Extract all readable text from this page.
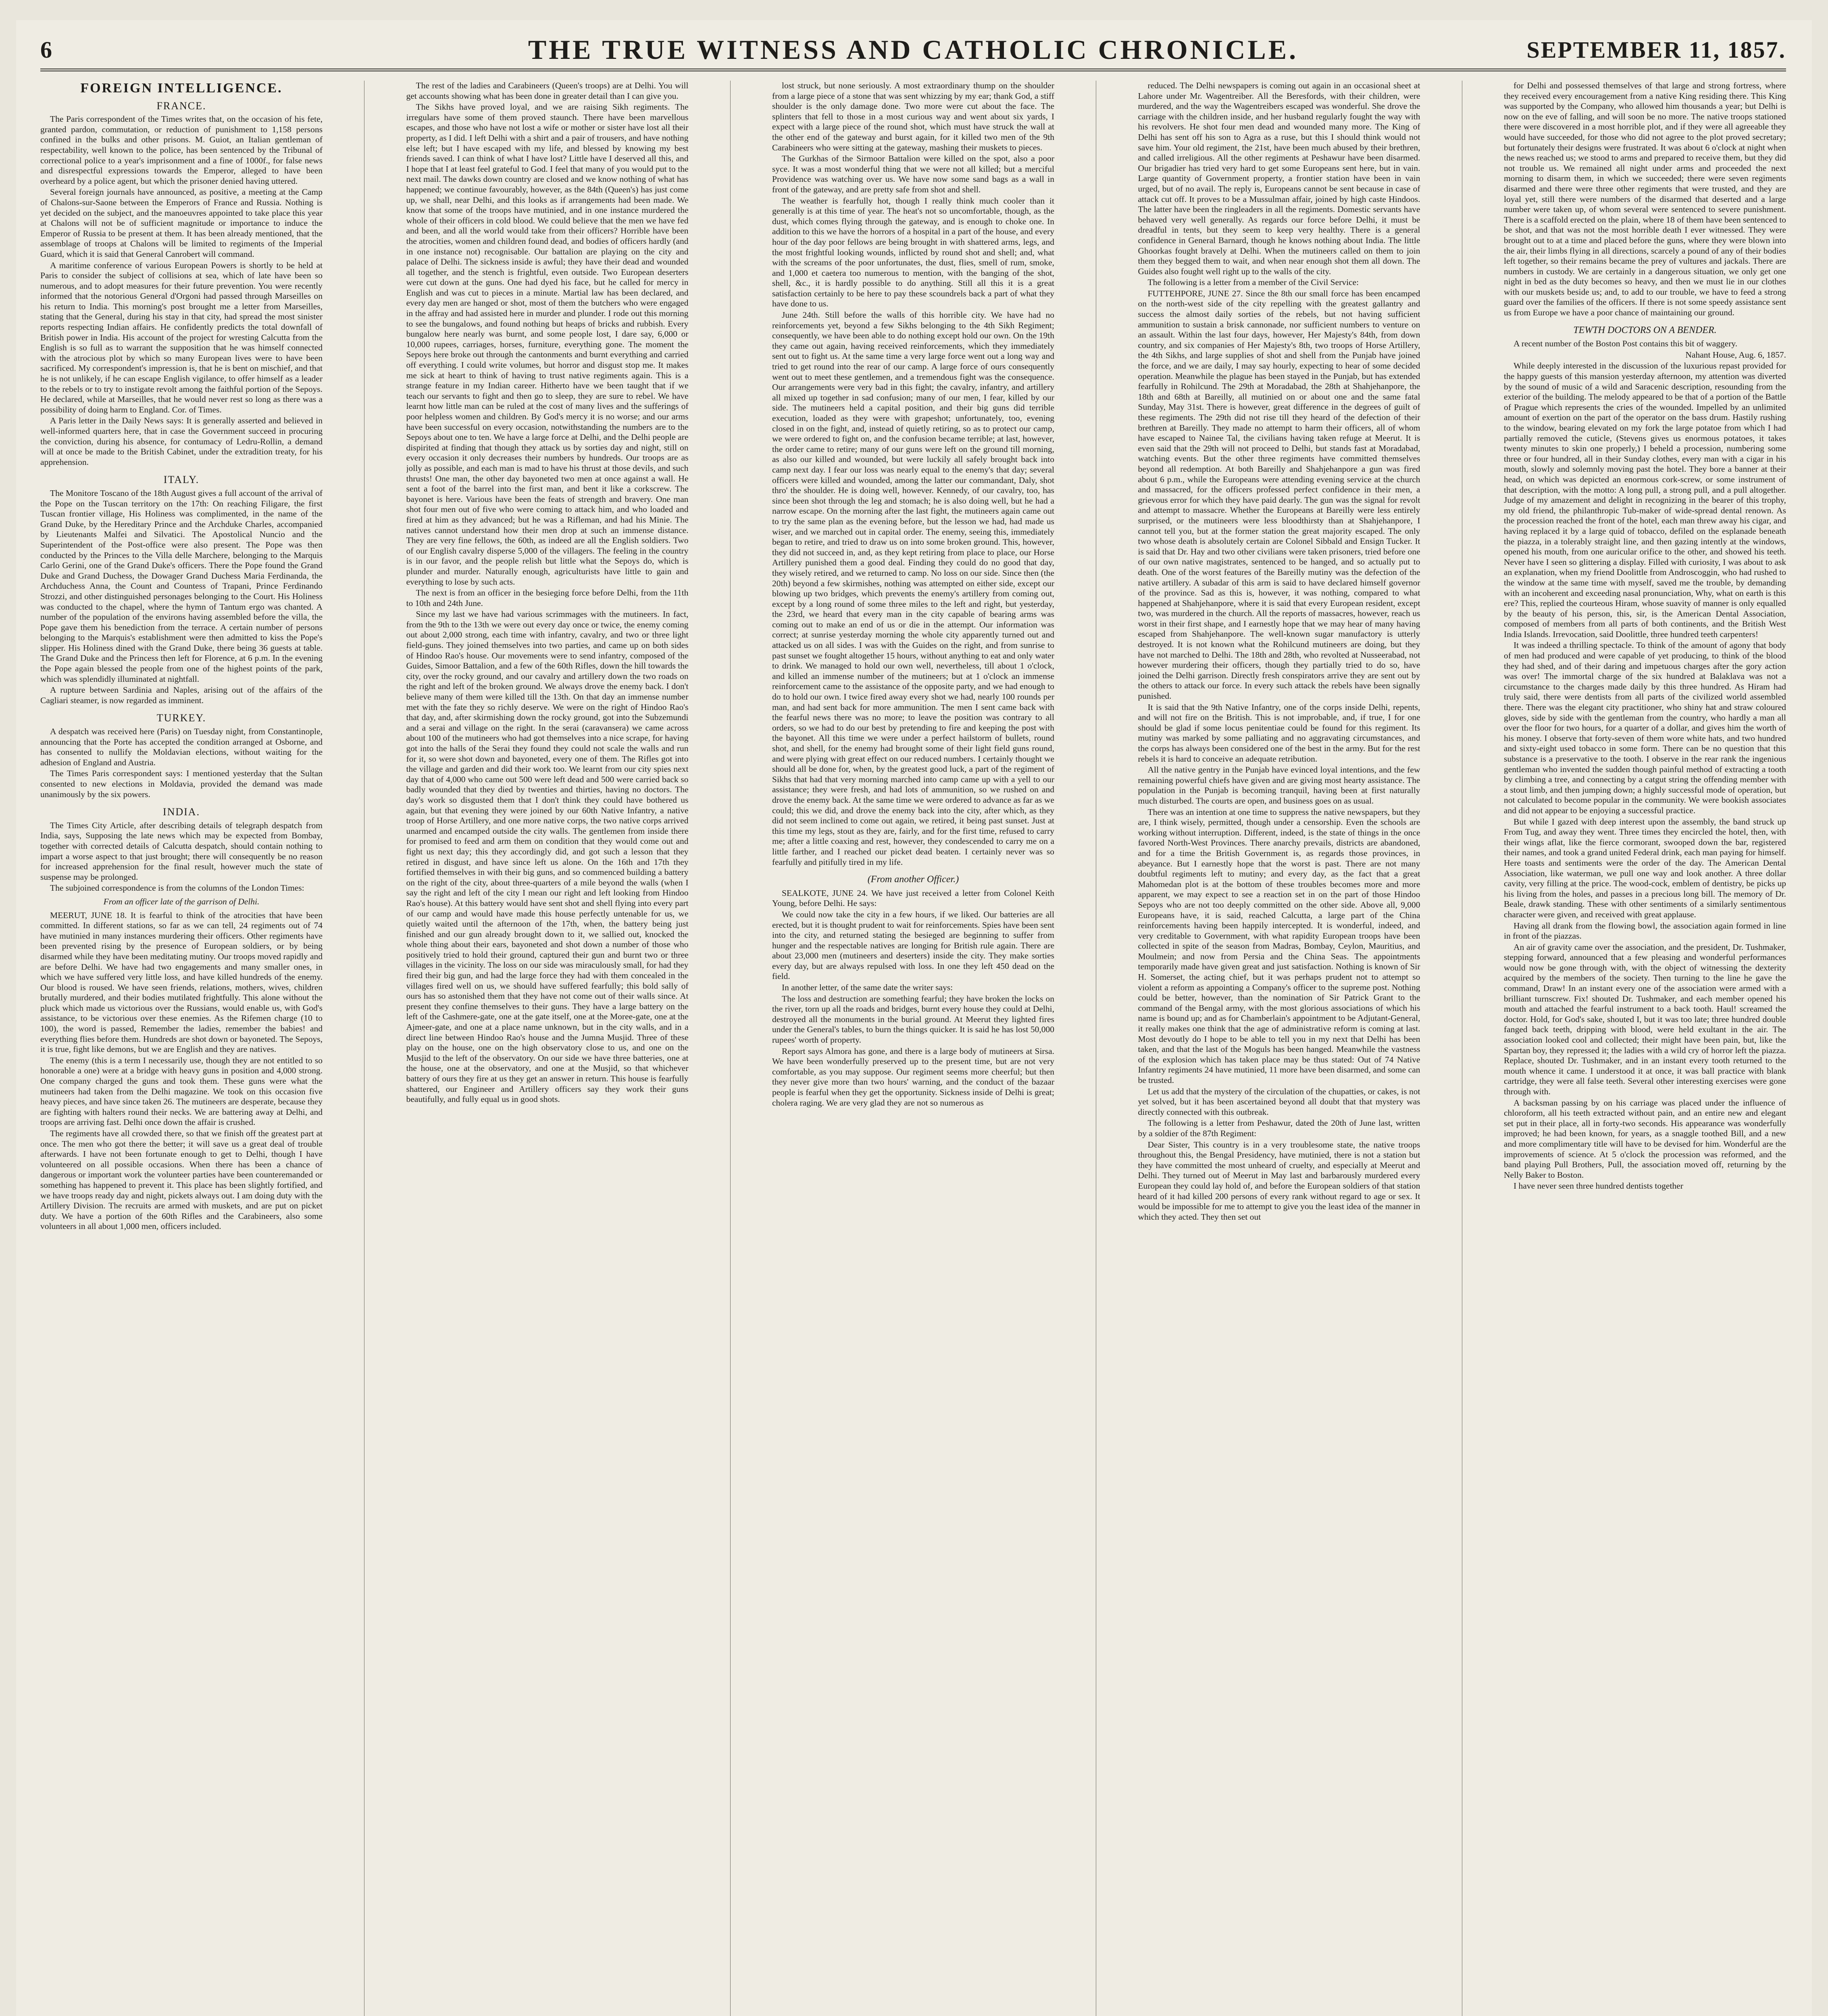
6	THE TRUE WITNESS AND CATHOLIC CHRONICLE.	SEPTEMBER 11, 1857.
FOREIGN INTELLIGENCE.
FRANCE.

The Paris correspondent of the Times writes that, on the occasion of his fete, granted pardon, commutation, or reduction of punishment to 1,158 persons confined in the bulks and other prisons. M. Guiot, an Italian gentleman of respectability, well known to the police, has been sentenced by the Tribunal of correctional police to a year's imprisonment and a fine of 1000f., for false news and disrespectful expressions towards the Emperor, alleged to have been overheard by a police agent, but which the prisoner denied having uttered.

Several foreign journals have announced, as positive, a meeting at the Camp of Chalons-sur-Saone between the Emperors of France and Russia. Nothing is yet decided on the subject, and the manoeuvres appointed to take place this year at Chalons will not be of sufficient magnitude or importance to induce the Emperor of Russia to be present at them. It has been already mentioned, that the assemblage of troops at Chalons will be limited to regiments of the Imperial Guard, which it is said that General Canrobert will command.

A maritime conference of various European Powers is shortly to be held at Paris to consider the subject of collisions at sea, which of late have been so numerous, and to adopt measures for their future prevention. You were recently informed that the notorious General d'Orgoni had passed through Marseilles on his return to India. This morning's post brought me a letter from Marseilles, stating that the General, during his stay in that city, had spread the most sinister reports respecting Indian affairs. He confidently predicts the total downfall of British power in India. His account of the project for wresting Calcutta from the English is so full as to warrant the supposition that he was himself connected with the atrocious plot by which so many European lives were to have been sacrificed. My correspondent's impression is, that he is bent on mischief, and that he is not unlikely, if he can escape English vigilance, to offer himself as a leader to the rebels or to try to instigate revolt among the faithful portion of the Sepoys. He declared, while at Marseilles, that he would never rest so long as there was a possibility of doing harm to England. Cor. of Times.

A Paris letter in the Daily News says: It is generally asserted and believed in well-informed quarters here, that in case the Government succeed in procuring the conviction, during his absence, for contumacy of Ledru-Rollin, a demand will at once be made to the British Cabinet, under the extradition treaty, for his apprehension.

ITALY.

The Monitore Toscano of the 18th August gives a full account of the arrival of the Pope on the Tuscan territory on the 17th: On reaching Filigare, the first Tuscan frontier village, His Holiness was complimented, in the name of the Grand Duke, by the Hereditary Prince and the Archduke Charles, accompanied by Lieutenants Malfei and Silvatici. The Apostolical Nuncio and the Superintendent of the Post-office were also present. The Pope was then conducted by the Princes to the Villa delle Marchere, belonging to the Marquis Carlo Gerini, one of the Grand Duke's officers. There the Pope found the Grand Duke and Grand Duchess, the Dowager Grand Duchess Maria Ferdinanda, the Archduchess Anna, the Count and Countess of Trapani, Prince Ferdinando Strozzi, and other distinguished personages belonging to the Court. His Holiness was conducted to the chapel, where the hymn of Tantum ergo was chanted. A number of the population of the environs having assembled before the villa, the Pope gave them his benediction from the terrace. A certain number of persons belonging to the Marquis's establishment were then admitted to kiss the Pope's slipper. His Holiness dined with the Grand Duke, there being 36 guests at table. The Grand Duke and the Princess then left for Florence, at 6 p.m. In the evening the Pope again blessed the people from one of the highest points of the park, which was splendidly illuminated at nightfall.

A rupture between Sardinia and Naples, arising out of the affairs of the Cagliari steamer, is now regarded as imminent.

TURKEY.

A despatch was received here (Paris) on Tuesday night, from Constantinople, announcing that the Porte has accepted the condition arranged at Osborne, and has consented to nullify the Moldavian elections, without waiting for the adhesion of England and Austria.

The Times Paris correspondent says: I mentioned yesterday that the Sultan consented to new elections in Moldavia, provided the demand was made unanimously by the six powers.

INDIA.

The Times City Article, after describing details of telegraph despatch from India, says, Supposing the late news which may be expected from Bombay, together with corrected details of Calcutta despatch, should contain nothing to impart a worse aspect to that just brought; there will consequently be no reason for increased apprehension for the final result, however much the state of suspense may be prolonged.

The subjoined correspondence is from the columns of the London Times:

From an officer late of the garrison of Delhi.

MEERUT, JUNE 18. It is fearful to think of the atrocities that have been committed. In different stations, so far as we can tell, 24 regiments out of 74 have mutinied in many instances murdering their officers. Other regiments have been prevented rising by the presence of European soldiers, or by being disarmed while they have been meditating mutiny. Our troops moved rapidly and are before Delhi. We have had two engagements and many smaller ones, in which we have suffered very little loss, and have killed hundreds of the enemy. Our blood is roused. We have seen friends, relations, mothers, wives, children brutally murdered, and their bodies mutilated frightfully. This alone without the pluck which made us victorious over the Russians, would enable us, with God's assistance, to be victorious over these enemies. As the Rifemen charge (10 to 100), the word is passed, Remember the ladies, remember the babies! and everything flies before them. Hundreds are shot down or bayoneted. The Sepoys, it is true, fight like demons, but we are English and they are natives.

The enemy (this is a term I necessarily use, though they are not entitled to so honorable a one) were at a bridge with heavy guns in position and 4,000 strong. One company charged the guns and took them. These guns were what the mutineers had taken from the Delhi magazine. We took on this occasion five heavy pieces, and have since taken 26. The mutineers are desperate, because they are fighting with halters round their necks. We are battering away at Delhi, and troops are arriving fast. Delhi once down the affair is crushed.

The regiments have all crowded there, so that we finish off the greatest part at once. The men who got there the better; it will save us a great deal of trouble afterwards. I have not been fortunate enough to get to Delhi, though I have volunteered on all possible occasions. When there has been a chance of dangerous or important work the volunteer parties have been counteremanded or something has happened to prevent it. This place has been slightly fortified, and we have troops ready day and night, pickets always out. I am doing duty with the Artillery Division. The recruits are armed with muskets, and are put on picket duty. We have a portion of the 60th Rifles and the Carabineers, also some volunteers in all about 1,000 men, officers included.

The rest of the ladies and Carabineers (Queen's troops) are at Delhi. You will get accounts showing what has been done in greater detail than I can give you.

The Sikhs have proved loyal, and we are raising Sikh regiments. The irregulars have some of them proved staunch. There have been marvellous escapes, and those who have not lost a wife or mother or sister have lost all their property, as I did. I left Delhi with a shirt and a pair of trousers, and have nothing else left; but I have escaped with my life, and blessed by knowing my best friends saved. I can think of what I have lost? Little have I deserved all this, and I hope that I at least feel grateful to God. I feel that many of you would put to the next mail. The dawks down country are closed and we know nothing of what has happened; we continue favourably, however, as the 84th (Queen's) has just come up, we shall, near Delhi, and this looks as if arrangements had been made. We know that some of the troops have mutinied, and in one instance murdered the whole of their officers in cold blood. We could believe that the men we have fed and been, and all the world would take from their officers? Horrible have been the atrocities, women and children found dead, and bodies of officers hardly (and in one instance not) recognisable. Our battalion are playing on the city and palace of Delhi. The sickness inside is awful; they have their dead and wounded all together, and the stench is frightful, even outside. Two European deserters were cut down at the guns. One had dyed his face, but he called for mercy in English and was cut to pieces in a minute. Martial law has been declared, and every day men are hanged or shot, most of them the butchers who were engaged in the affray and had assisted here in murder and plunder. I rode out this morning to see the bungalows, and found nothing but heaps of bricks and rubbish. Every bungalow here nearly was burnt, and some people lost, I dare say, 6,000 or 10,000 rupees, carriages, horses, furniture, everything gone. The moment the Sepoys here broke out through the cantonments and burnt everything and carried off everything. I could write volumes, but horror and disgust stop me. It makes me sick at heart to think of having to trust native regiments again. This is a strange feature in my Indian career. Hitherto have we been taught that if we teach our servants to fight and then go to sleep, they are sure to rebel. We have learnt how little man can be ruled at the cost of many lives and the sufferings of poor helpless women and children. By God's mercy it is no worse; and our arms have been successful on every occasion, notwithstanding the numbers are to the Sepoys about one to ten. We have a large force at Delhi, and the Delhi people are dispirited at finding that though they attack us by sorties day and night, still on every occasion it only decreases their numbers by hundreds. Our troops are as jolly as possible, and each man is mad to have his thrust at those devils, and such thrusts! One man, the other day bayoneted two men at once against a wall. He sent a foot of the barrel into the first man, and bent it like a corkscrew. The bayonet is here. Various have been the feats of strength and bravery. One man shot four men out of five who were coming to attack him, and who loaded and fired at him as they advanced; but he was a Rifleman, and had his Minie. The natives cannot understand how their men drop at such an immense distance. They are very fine fellows, the 60th, as indeed are all the English soldiers. Two of our English cavalry disperse 5,000 of the villagers. The feeling in the country is in our favor, and the people relish but little what the Sepoys do, which is plunder and murder. Naturally enough, agriculturists have little to gain and everything to lose by such acts.

The next is from an officer in the besieging force before Delhi, from the 11th to 10th and 24th June.

Since my last we have had various scrimmages with the mutineers. In fact, from the 9th to the 13th we were out every day once or twice, the enemy coming out about 2,000 strong, each time with infantry, cavalry, and two or three light field-guns. They joined themselves into two parties, and came up on both sides of Hindoo Rao's house. Our movements were to send infantry, composed of the Guides, Simoor Battalion, and a few of the 60th Rifles, down the hill towards the city, over the rocky ground, and our cavalry and artillery down the two roads on the right and left of the broken ground. We always drove the enemy back. I don't believe many of them were killed till the 13th. On that day an immense number met with the fate they so richly deserve. We were on the right of Hindoo Rao's that day, and, after skirmishing down the rocky ground, got into the Subzemundi and a serai and village on the right. In the serai (caravansera) we came across about 100 of the mutineers who had got themselves into a nice scrape, for having got into the halls of the Serai they found they could not scale the walls and run for it, so were shot down and bayoneted, every one of them. The Rifles got into the village and garden and did their work too. We learnt from our city spies next day that of 4,000 who came out 500 were left dead and 500 were carried back so badly wounded that they died by twenties and thirties, having no doctors. The day's work so disgusted them that I don't think they could have bothered us again, but that evening they were joined by our 60th Native Infantry, a native troop of Horse Artillery, and one more native corps, the two native corps arrived unarmed and encamped outside the city walls. The gentlemen from inside there for promised to feed and arm them on condition that they would come out and fight us next day; this they accordingly did, and got such a lesson that they retired in disgust, and have since left us alone. On the 16th and 17th they fortified themselves in with their big guns, and so commenced building a battery on the right of the city, about three-quarters of a mile beyond the walls (when I say the right and left of the city I mean our right and left looking from Hindoo Rao's house). At this battery would have sent shot and shell flying into every part of our camp and would have made this house perfectly untenable for us, we quietly waited until the afternoon of the 17th, when, the battery being just finished and our gun already brought down to it, we sallied out, knocked the whole thing about their ears, bayoneted and shot down a number of those who positively tried to hold their ground, captured their gun and burnt two or three villages in the vicinity. The loss on our side was miraculously small, for had they fired their big gun, and had the large force they had with them concealed in the villages fired well on us, we should have suffered fearfully; this bold sally of ours has so astonished them that they have not come out of their walls since. At present they confine themselves to their guns. They have a large battery on the left of the Cashmere-gate, one at the gate itself, one at the Moree-gate, one at the Ajmeer-gate, and one at a place name unknown, but in the city walls, and in a direct line between Hindoo Rao's house and the Jumna Musjid. Three of these play on the house, one on the high observatory close to us, and one on the Musjid to the left of the observatory. On our side we have three batteries, one at the house, one at the observatory, and one at the Musjid, so that whichever battery of ours they fire at us they get an answer in return. This house is fearfully shattered, our Engineer and Artillery officers say they work their guns beautifully, and fully equal us in good shots.

lost struck, but none seriously. A most extraordinary thump on the shoulder from a large piece of a stone that was sent whizzing by my ear; thank God, a stiff shoulder is the only damage done. Two more were cut about the face. The splinters that fell to those in a most curious way and went about six yards, I expect with a large piece of the round shot, which must have struck the wall at the other end of the gateway and burst again, for it killed two men of the 9th Carabineers who were sitting at the gateway, mashing their muskets to pieces.

The Gurkhas of the Sirmoor Battalion were killed on the spot, also a poor syce. It was a most wonderful thing that we were not all killed; but a merciful Providence was watching over us. We have now some sand bags as a wall in front of the gateway, and are pretty safe from shot and shell.

The weather is fearfully hot, though I really think much cooler than it generally is at this time of year. The heat's not so uncomfortable, though, as the dust, which comes flying through the gateway, and is enough to choke one. In addition to this we have the horrors of a hospital in a part of the house, and every hour of the day poor fellows are being brought in with shattered arms, legs, and the most frightful looking wounds, inflicted by round shot and shell; and, what with the screams of the poor unfortunates, the dust, flies, smell of rum, smoke, and 1,000 et caetera too numerous to mention, with the banging of the shot, shell, &c., it is hardly possible to do anything. Still all this it is a great satisfaction certainly to be here to pay these scoundrels back a part of what they have done to us.

June 24th. Still before the walls of this horrible city. We have had no reinforcements yet, beyond a few Sikhs belonging to the 4th Sikh Regiment; consequently, we have been able to do nothing except hold our own. On the 19th they came out again, having received reinforcements, which they immediately sent out to fight us. At the same time a very large force went out a long way and tried to get round into the rear of our camp. A large force of ours consequently went out to meet these gentlemen, and a tremendous fight was the consequence. Our arrangements were very bad in this fight; the cavalry, infantry, and artillery all mixed up together in sad confusion; many of our men, I fear, killed by our side. The mutineers held a capital position, and their big guns did terrible execution, loaded as they were with grapeshot; unfortunately, too, evening closed in on the fight, and, instead of quietly retiring, so as to protect our camp, we were ordered to fight on, and the confusion became terrible; at last, however, the order came to retire; many of our guns were left on the ground till morning, as also our killed and wounded, but were luckily all safely brought back into camp next day. I fear our loss was nearly equal to the enemy's that day; several officers were killed and wounded, among the latter our commandant, Daly, shot thro' the shoulder. He is doing well, however. Kennedy, of our cavalry, too, has since been shot through the leg and stomach; he is also doing well, but he had a narrow escape. On the morning after the last fight, the mutineers again came out to try the same plan as the evening before, but the lesson we had, had made us wiser, and we marched out in capital order. The enemy, seeing this, immediately began to retire, and tried to draw us on into some broken ground. This, however, they did not succeed in, and, as they kept retiring from place to place, our Horse Artillery punished them a good deal. Finding they could do no good that day, they wisely retired, and we returned to camp. No loss on our side. Since then (the 20th) beyond a few skirmishes, nothing was attempted on either side, except our blowing up two bridges, which prevents the enemy's artillery from coming out, except by a long round of some three miles to the left and right, but yesterday, the 23rd, we heard that every man in the city capable of bearing arms was coming out to make an end of us or die in the attempt. Our information was correct; at sunrise yesterday morning the whole city apparently turned out and attacked us on all sides. I was with the Guides on the right, and from sunrise to past sunset we fought altogether 15 hours, without anything to eat and only water to drink. We managed to hold our own well, nevertheless, till about 1 o'clock, and killed an immense number of the mutineers; but at 1 o'clock an immense reinforcement came to the assistance of the opposite party, and we had enough to do to hold our own. I twice fired away every shot we had, nearly 100 rounds per man, and had sent back for more ammunition. The men I sent came back with the fearful news there was no more; to leave the position was contrary to all orders, so we had to do our best by pretending to fire and keeping the post with the bayonet. All this time we were under a perfect hailstorm of bullets, round shot, and shell, for the enemy had brought some of their light field guns round, and were plying with great effect on our reduced numbers. I certainly thought we should all be done for, when, by the greatest good luck, a part of the regiment of Sikhs that had that very morning marched into camp came up with a yell to our assistance; they were fresh, and had lots of ammunition, so we rushed on and drove the enemy back. At the same time we were ordered to advance as far as we could; this we did, and drove the enemy back into the city, after which, as they did not seem inclined to come out again, we retired, it being past sunset. Just at this time my legs, stout as they are, fairly, and for the first time, refused to carry me; after a little coaxing and rest, however, they condescended to carry me on a little farther, and I reached our picket dead beaten. I certainly never was so fearfully and pitifully tired in my life.

(From another Officer.)

SEALKOTE, JUNE 24. We have just received a letter from Colonel Keith Young, before Delhi. He says:

We could now take the city in a few hours, if we liked. Our batteries are all erected, but it is thought prudent to wait for reinforcements. Spies have been sent into the city, and returned stating the besieged are beginning to suffer from hunger and the respectable natives are longing for British rule again. There are about 23,000 men (mutineers and deserters) inside the city. They make sorties every day, but are always repulsed with loss. In one they left 450 dead on the field.

In another letter, of the same date the writer says:

The loss and destruction are something fearful; they have broken the locks on the river, torn up all the roads and bridges, burnt every house they could at Delhi, destroyed all the monuments in the burial ground. At Meerut they lighted fires under the General's tables, to burn the things quicker. It is said he has lost 50,000 rupees' worth of property.

Report says Almora has gone, and there is a large body of mutineers at Sirsa. We have been wonderfully preserved up to the present time, but are not very comfortable, as you may suppose. Our regiment seems more cheerful; but then they never give more than two hours' warning, and the conduct of the bazaar people is fearful when they get the opportunity. Sickness inside of Delhi is great; cholera raging. We are very glad they are not so numerous as

reduced. The Delhi newspapers is coming out again in an occasional sheet at Lahore under Mr. Wagentreiber. All the Beresfords, with their children, were murdered, and the way the Wagentreibers escaped was wonderful. She drove the carriage with the children inside, and her husband regularly fought the way with his revolvers. He shot four men dead and wounded many more. The King of Delhi has sent off his son to Agra as a ruse, but this I should think would not save him. Your old regiment, the 21st, have been much abused by their brethren, and called irreligious. All the other regiments at Peshawur have been disarmed. Our brigadier has tried very hard to get some Europeans sent here, but in vain. Large quantity of Government property, a frontier station have been in vain urged, but of no avail. The reply is, Europeans cannot be sent because in case of attack cut off. It proves to be a Mussulman affair, joined by high caste Hindoos. The latter have been the ringleaders in all the regiments. Domestic servants have behaved very well generally. As regards our force before Delhi, it must be dreadful in tents, but they seem to keep very healthy. There is a general confidence in General Barnard, though he knows nothing about India. The little Ghoorkas fought bravely at Delhi. When the mutineers called on them to join them they begged them to wait, and when near enough shot them all down. The Guides also fought well right up to the walls of the city.

The following is a letter from a member of the Civil Service:

FUTTEHPORE, JUNE 27. Since the 8th our small force has been encamped on the north-west side of the city repelling with the greatest gallantry and success the almost daily sorties of the rebels, but not having sufficient ammunition to sustain a brisk cannonade, nor sufficient numbers to venture on an assault. Within the last four days, however, Her Majesty's 84th, from down country, and six companies of Her Majesty's 8th, two troops of Horse Artillery, the 4th Sikhs, and large supplies of shot and shell from the Punjab have joined the force, and we are daily, I may say hourly, expecting to hear of some decided operation. Meanwhile the plague has been stayed in the Punjab, but has extended fearfully in Rohilcund. The 29th at Moradabad, the 28th at Shahjehanpore, the 18th and 68th at Bareilly, all mutinied on or about one and the same fatal Sunday, May 31st. There is however, great difference in the degrees of guilt of these regiments. The 29th did not rise till they heard of the defection of their brethren at Bareilly. They made no attempt to harm their officers, all of whom have escaped to Nainee Tal, the civilians having taken refuge at Meerut. It is even said that the 29th will not proceed to Delhi, but stands fast at Moradabad, watching events. But the other three regiments have committed themselves beyond all redemption. At both Bareilly and Shahjehanpore a gun was fired about 6 p.m., while the Europeans were attending evening service at the church and massacred, for the officers professed perfect confidence in their men, a grievous error for which they have paid dearly. The gun was the signal for revolt and attempt to massacre. Whether the Europeans at Bareilly were less entirely surprised, or the mutineers were less bloodthirsty than at Shahjehanpore, I cannot tell you, but at the former station the great majority escaped. The only two whose death is absolutely certain are Colonel Sibbald and Ensign Tucker. It is said that Dr. Hay and two other civilians were taken prisoners, tried before one of our own native magistrates, sentenced to be hanged, and so actually put to death. One of the worst features of the Bareilly mutiny was the defection of the native artillery. A subadar of this arm is said to have declared himself governor of the province. Sad as this is, however, it was nothing, compared to what happened at Shahjehanpore, where it is said that every European resident, except two, was murdered in the church. All the reports of massacres, however, reach us worst in their first shape, and I earnestly hope that we may hear of many having escaped from Shahjehanpore. The well-known sugar manufactory is utterly destroyed. It is not known what the Rohilcund mutineers are doing, but they have not marched to Delhi. The 18th and 28th, who revolted at Nusseerabad, not however murdering their officers, though they partially tried to do so, have joined the Delhi garrison. Directly fresh conspirators arrive they are sent out by the others to attack our force. In every such attack the rebels have been signally punished.

It is said that the 9th Native Infantry, one of the corps inside Delhi, repents, and will not fire on the British. This is not improbable, and, if true, I for one should be glad if some locus penitentiae could be found for this regiment. Its mutiny was marked by some palliating and no aggravating circumstances, and the corps has always been considered one of the best in the army. But for the rest rebels it is hard to conceive an adequate retribution.

All the native gentry in the Punjab have evinced loyal intentions, and the few remaining powerful chiefs have given and are giving most hearty assistance. The population in the Punjab is becoming tranquil, having been at first naturally much disturbed. The courts are open, and business goes on as usual.

There was an intention at one time to suppress the native newspapers, but they are, I think wisely, permitted, though under a censorship. Even the schools are working without interruption. Different, indeed, is the state of things in the once favored North-West Provinces. There anarchy prevails, districts are abandoned, and for a time the British Government is, as regards those provinces, in abeyance. But I earnestly hope that the worst is past. There are not many doubtful regiments left to mutiny; and every day, as the fact that a great Mahomedan plot is at the bottom of these troubles becomes more and more apparent, we may expect to see a reaction set in on the part of those Hindoo Sepoys who are not too deeply committed on the other side. Above all, 9,000 Europeans have, it is said, reached Calcutta, a large part of the China reinforcements having been happily intercepted. It is wonderful, indeed, and very creditable to Government, with what rapidity European troops have been collected in spite of the season from Madras, Bombay, Ceylon, Mauritius, and Moulmein; and now from Persia and the China Seas. The appointments temporarily made have given great and just satisfaction. Nothing is known of Sir H. Somerset, the acting chief, but it was perhaps prudent not to attempt so violent a reform as appointing a Company's officer to the supreme post. Nothing could be better, however, than the nomination of Sir Patrick Grant to the command of the Bengal army, with the most glorious associations of which his name is bound up; and as for Chamberlain's appointment to be Adjutant-General, it really makes one think that the age of administrative reform is coming at last. Most devoutly do I hope to be able to tell you in my next that Delhi has been taken, and that the last of the Moguls has been hanged. Meanwhile the vastness of the explosion which has taken place may be thus stated: Out of 74 Native Infantry regiments 24 have mutinied, 11 more have been disarmed, and some can be trusted.

Let us add that the mystery of the circulation of the chupatties, or cakes, is not yet solved, but it has been ascertained beyond all doubt that that mystery was directly connected with this outbreak.

The following is a letter from Peshawur, dated the 20th of June last, written by a soldier of the 87th Regiment:

Dear Sister, This country is in a very troublesome state, the native troops throughout this, the Bengal Presidency, have mutinied, there is not a station but they have committed the most unheard of cruelty, and especially at Meerut and Delhi. They turned out of Meerut in May last and barbarously murdered every European they could lay hold of, and before the European soldiers of that station heard of it had killed 200 persons of every rank without regard to age or sex. It would be impossible for me to attempt to give you the least idea of the manner in which they acted. They then set out

for Delhi and possessed themselves of that large and strong fortress, where they received every encouragement from a native King residing there. This King was supported by the Company, who allowed him thousands a year; but Delhi is now on the eve of falling, and will soon be no more. The native troops stationed there were discovered in a most horrible plot, and if they were all agreeable they would have succeeded, for those who did not agree to the plot proved secretary; but fortunately their designs were frustrated. It was about 6 o'clock at night when the news reached us; we stood to arms and prepared to receive them, but they did not trouble us. We remained all night under arms and proceeded the next morning to disarm them, in which we succeeded; there were seven regiments disarmed and there were three other regiments that were trusted, and they are loyal yet, still there were numbers of the disarmed that deserted and a large number were taken up, of whom several were sentenced to severe punishment. There is a scaffold erected on the plain, where 18 of them have been sentenced to be shot, and that was not the most horrible death I ever witnessed. They were brought out to at a time and placed before the guns, where they were blown into the air, their limbs flying in all directions, scarcely a pound of any of their bodies left together, so their remains became the prey of vultures and jackals. There are numbers in custody. We are certainly in a dangerous situation, we only get one night in bed as the duty becomes so heavy, and then we must lie in our clothes with our muskets beside us; and, to add to our trouble, we have to feed a strong guard over the families of the officers. If there is not some speedy assistance sent us from Europe we have a poor chance of maintaining our ground.

TEWTH DOCTORS ON A BENDER.

A recent number of the Boston Post contains this bit of waggery.

Nahant House, Aug. 6, 1857.

While deeply interested in the discussion of the luxurious repast provided for the happy guests of this mansion yesterday afternoon, my attention was diverted by the sound of music of a wild and Saracenic description, resounding from the exterior of the building. The melody appeared to be that of a portion of the Battle of Prague which represents the cries of the wounded. Impelled by an unlimited amount of exertion on the part of the operator on the bass drum. Hastily rushing to the window, bearing elevated on my fork the large potatoe from which I had partially removed the cuticle, (Stevens gives us enormous potatoes, it takes twenty minutes to skin one properly,) I beheld a procession, numbering some three or four hundred, all in their Sunday clothes, every man with a cigar in his mouth, slowly and solemnly moving past the hotel. They bore a banner at their head, on which was depicted an enormous cork-screw, or some instrument of that description, with the motto: A long pull, a strong pull, and a pull altogether. Judge of my amazement and delight in recognizing in the bearer of this trophy, my old friend, the philanthropic Tub-maker of wide-spread dental renown. As the procession reached the front of the hotel, each man threw away his cigar, and having replaced it by a large quid of tobacco, defiled on the esplanade beneath the piazza, in a tolerably straight line, and then gazing intently at the windows, opened his mouth, from one auricular orifice to the other, and showed his teeth. Never have I seen so glittering a display. Filled with curiosity, I was about to ask an explanation, when my friend Doolittle from Androscoggin, who had rushed to the window at the same time with myself, saved me the trouble, by demanding with an incoherent and exceeding nasal pronunciation, Why, what on earth is this ere? This, replied the courteous Hiram, whose suavity of manner is only equalled by the beauty of his person, this, sir, is the American Dental Association, composed of members from all parts of both continents, and the British West India Islands. Irrevocation, said Doolittle, three hundred teeth carpenters!

It was indeed a thrilling spectacle. To think of the amount of agony that body of men had produced and were capable of yet producing, to think of the blood they had shed, and of their daring and impetuous charges after the gory action was over! The immortal charge of the six hundred at Balaklava was not a circumstance to the charges made daily by this three hundred. As Hiram had truly said, there were dentists from all parts of the civilized world assembled there. There was the elegant city practitioner, who shiny hat and straw coloured gloves, side by side with the gentleman from the country, who hardly a man all over the floor for two hours, for a quarter of a dollar, and gives him the worth of his money. I observe that forty-seven of them wore white hats, and two hundred and sixty-eight used tobacco in some form. There can be no question that this substance is a preservative to the tooth. I observe in the rear rank the ingenious gentleman who invented the sudden though painful method of extracting a tooth by climbing a tree, and connecting by a catgut string the offending member with a stout limb, and then jumping down; a highly successful mode of operation, but not calculated to become popular in the community. We were bookish associates and did not appear to be enjoying a successful practice.

But while I gazed with deep interest upon the assembly, the band struck up From Tug, and away they went. Three times they encircled the hotel, then, with their wings aflat, like the fierce cormorant, swooped down the bar, registered their names, and took a grand united Federal drink, each man paying for himself. Here toasts and sentiments were the order of the day. The American Dental Association, like waterman, we pull one way and look another. A three dollar cavity, very filling at the price. The wood-cock, emblem of dentistry, be picks up his living from the holes, and passes in a precious long bill. The memory of Dr. Beale, drawk standing. These with other sentiments of a similarly sentimentous character were given, and received with great applause.

Having all drank from the flowing bowl, the association again formed in line in front of the piazzas.

An air of gravity came over the association, and the president, Dr. Tushmaker, stepping forward, announced that a few pleasing and wonderful performances would now be gone through with, with the object of witnessing the dexterity acquired by the members of the society. Then turning to the line he gave the command, Draw! In an instant every one of the association were armed with a brilliant turnscrew. Fix! shouted Dr. Tushmaker, and each member opened his mouth and attached the fearful instrument to a back tooth. Haul! screamed the doctor. Hold, for God's sake, shouted I, but it was too late; three hundred double fanged back teeth, dripping with blood, were held exultant in the air. The association looked cool and collected; their might have been pain, but, like the Spartan boy, they repressed it; the ladies with a wild cry of horror left the piazza. Replace, shouted Dr. Tushmaker, and in an instant every tooth returned to the mouth whence it came. I understood it at once, it was ball practice with blank cartridge, they were all false teeth. Several other interesting exercises were gone through with.

A backsman passing by on his carriage was placed under the influence of chloroform, all his teeth extracted without pain, and an entire new and elegant set put in their place, all in forty-two seconds. His appearance was wonderfully improved; he had been known, for years, as a snaggle toothed Bill, and a new and more complimentary title will have to be devised for him. Wonderful are the improvements of science. At 5 o'clock the procession was reformed, and the band playing Pull Brothers, Pull, the association moved off, returning by the Nelly Baker to Boston.

I have never seen three hundred dentists together
